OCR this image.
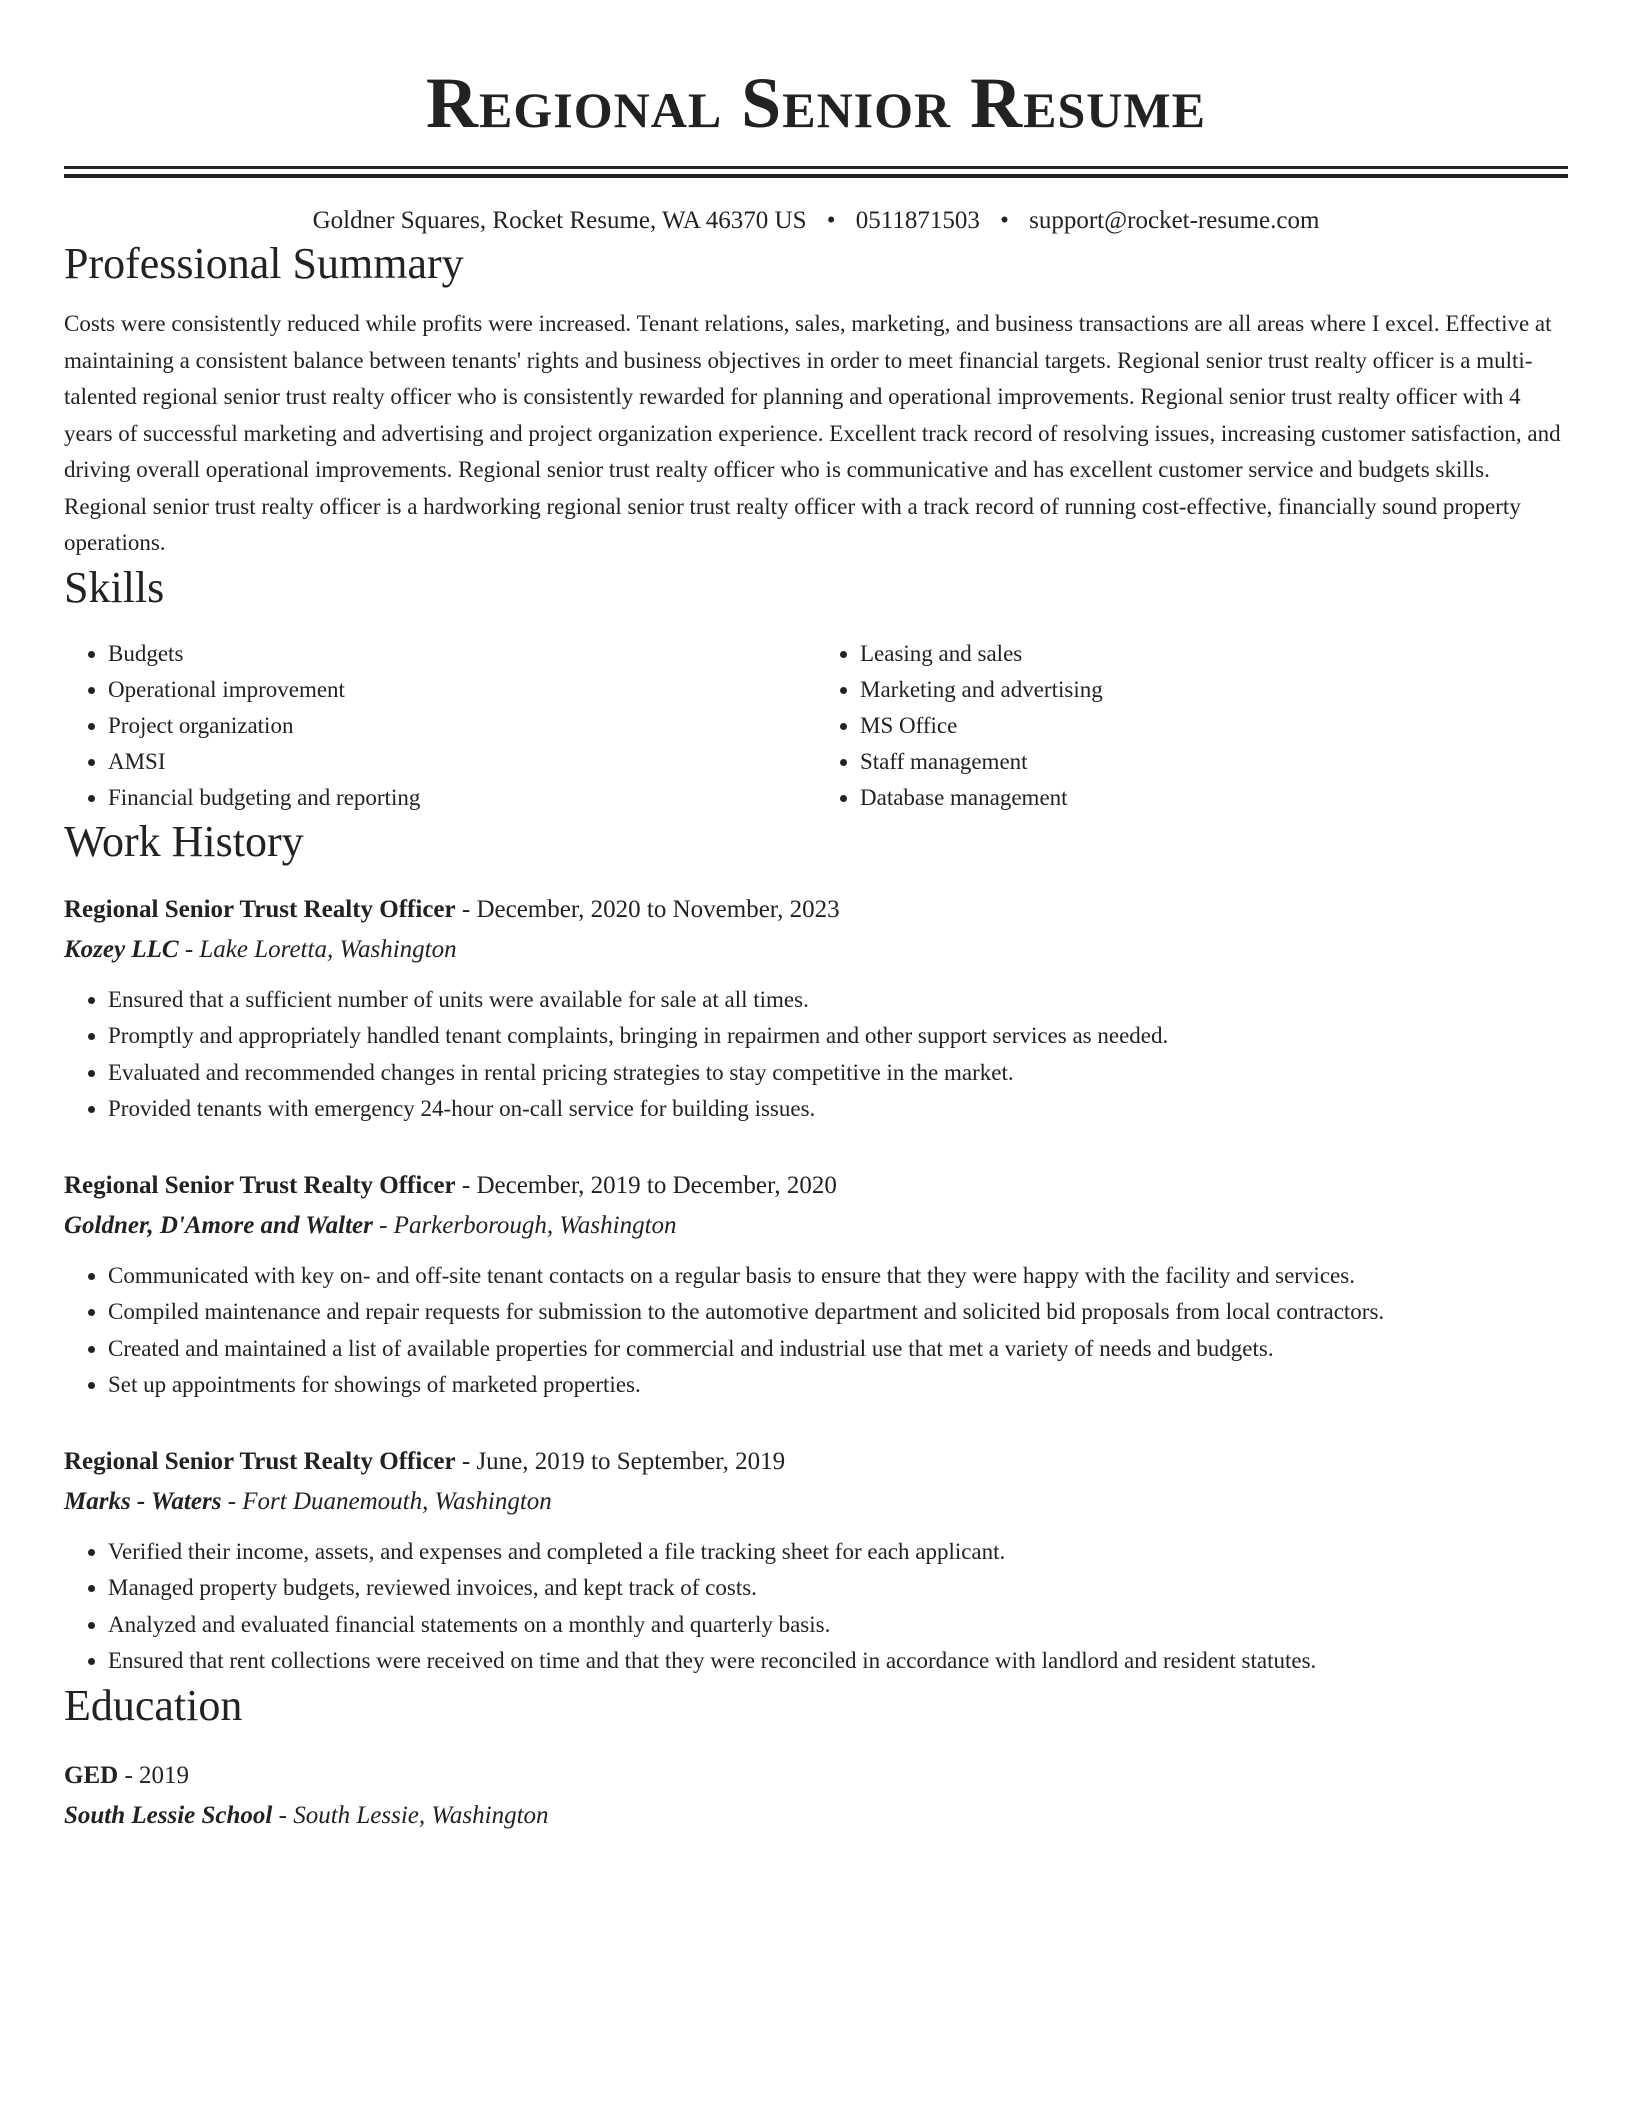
Regional Senior Resume
Goldner Squares, Rocket Resume, WA 46370 US • 0511871503 • support@rocket-resume.com
Professional Summary

Costs were consistently reduced while profits were increased. Tenant relations, sales, marketing, and business transactions are all areas where I excel. Effective at maintaining a consistent balance between tenants' rights and business objectives in order to meet financial targets. Regional senior trust realty officer is a multi-talented regional senior trust realty officer who is consistently rewarded for planning and operational improvements. Regional senior trust realty officer with 4 years of successful marketing and advertising and project organization experience. Excellent track record of resolving issues, increasing customer satisfaction, and driving overall operational improvements. Regional senior trust realty officer who is communicative and has excellent customer service and budgets skills. Regional senior trust realty officer is a hardworking regional senior trust realty officer with a track record of running cost-effective, financially sound property operations.

Skills
• Budgets
• Operational improvement
• Project organization
• AMSI
• Financial budgeting and reporting
• Leasing and sales
• Marketing and advertising
• MS Office
• Staff management
• Database management
Work History
Regional Senior Trust Realty Officer - December, 2020 to November, 2023
Kozey LLC - Lake Loretta, Washington
• Ensured that a sufficient number of units were available for sale at all times.
• Promptly and appropriately handled tenant complaints, bringing in repairmen and other support services as needed.
• Evaluated and recommended changes in rental pricing strategies to stay competitive in the market.
• Provided tenants with emergency 24-hour on-call service for building issues.
Regional Senior Trust Realty Officer - December, 2019 to December, 2020
Goldner, D'Amore and Walter - Parkerborough, Washington
• Communicated with key on- and off-site tenant contacts on a regular basis to ensure that they were happy with the facility and services.
• Compiled maintenance and repair requests for submission to the automotive department and solicited bid proposals from local contractors.
• Created and maintained a list of available properties for commercial and industrial use that met a variety of needs and budgets.
• Set up appointments for showings of marketed properties.
Regional Senior Trust Realty Officer - June, 2019 to September, 2019
Marks - Waters - Fort Duanemouth, Washington
• Verified their income, assets, and expenses and completed a file tracking sheet for each applicant.
• Managed property budgets, reviewed invoices, and kept track of costs.
• Analyzed and evaluated financial statements on a monthly and quarterly basis.
• Ensured that rent collections were received on time and that they were reconciled in accordance with landlord and resident statutes.
Education
GED - 2019
South Lessie School - South Lessie, Washington
